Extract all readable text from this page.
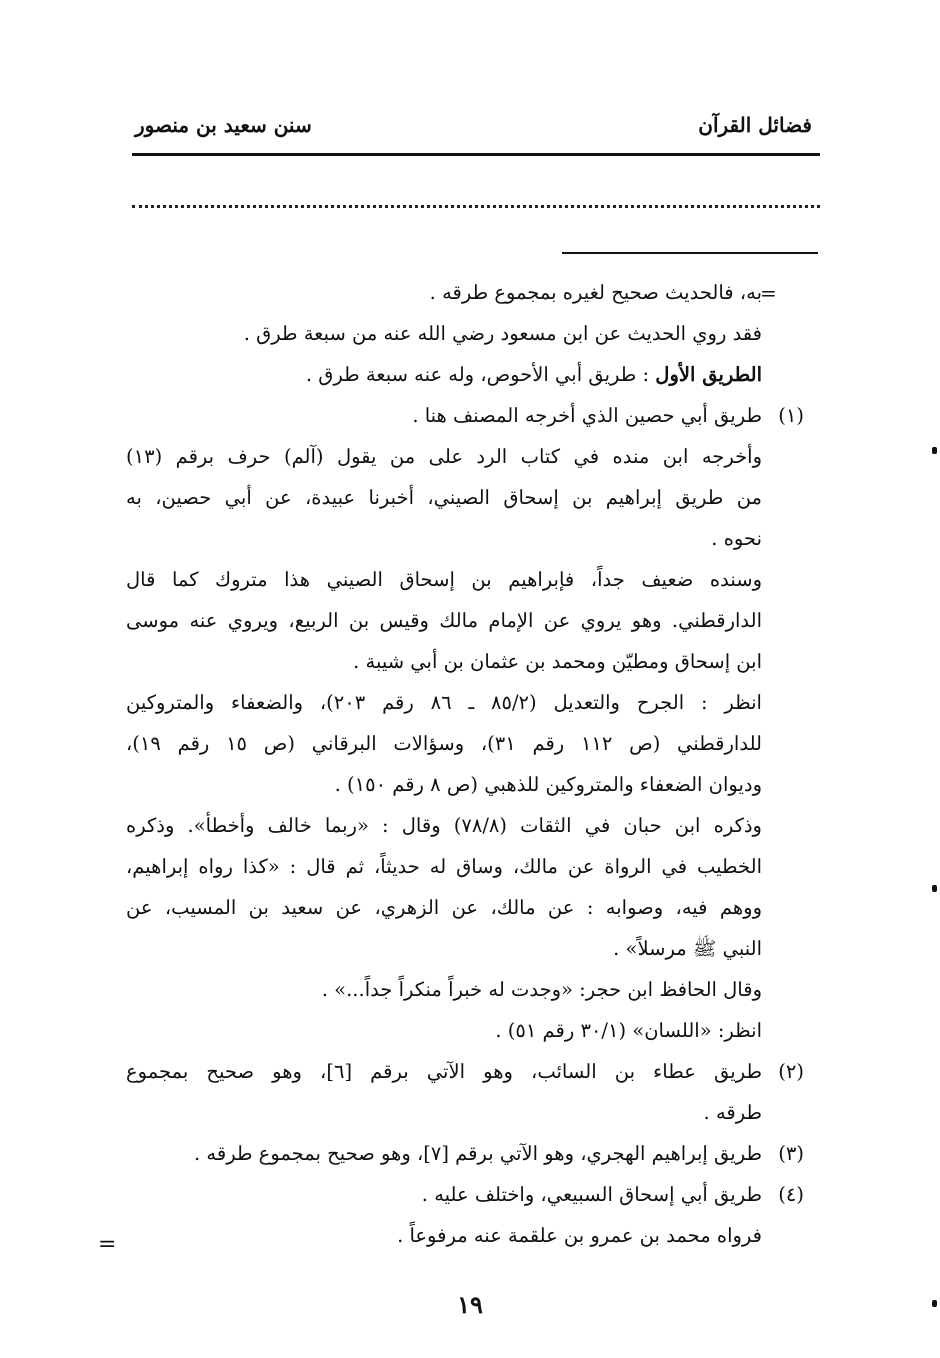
فضائل القرآن
سنن سعيد بن منصور
=
به، فالحديث صحيح لغيره بمجموع طرقه .
فقد روي الحديث عن ابن مسعود رضي الله عنه من سبعة طرق .
الطريق الأول : طريق أبي الأحوص، وله عنه سبعة طرق .
(١)
طريق أبي حصين الذي أخرجه المصنف هنا .
وأخرجه ابن منده في كتاب الرد على من يقول (آلم) حرف برقم (١٣)
من طريق إبراهيم بن إسحاق الصيني، أخبرنا عبيدة، عن أبي حصين، به
نحوه .
وسنده ضعيف جداً، فإبراهيم بن إسحاق الصيني هذا متروك كما قال
الدارقطني. وهو يروي عن الإمام مالك وقيس بن الربيع، ويروي عنه موسى
ابن إسحاق ومطيّن ومحمد بن عثمان بن أبي شيبة .
انظر : الجرح والتعديل (٨٥/٢ ـ ٨٦ رقم ٢٠٣)، والضعفاء والمتروكين
للدارقطني (ص ١١٢ رقم ٣١)، وسؤالات البرقاني (ص ١٥ رقم ١٩)،
وديوان الضعفاء والمتروكين للذهبي (ص ٨ رقم ١٥٠) .
وذكره ابن حبان في الثقات (٧٨/٨) وقال : «ربما خالف وأخطأ». وذكره
الخطيب في الرواة عن مالك، وساق له حديثاً، ثم قال : «كذا رواه إبراهيم،
ووهم فيه، وصوابه : عن مالك، عن الزهري، عن سعيد بن المسيب، عن
النبي ﷺ مرسلاً» .
وقال الحافظ ابن حجر: «وجدت له خبراً منكراً جداً...» .
انظر: «اللسان» (٣٠/١ رقم ٥١) .
(٢)
طريق عطاء بن السائب، وهو الآتي برقم [٦]، وهو صحيح بمجموع
طرقه .
(٣)
طريق إبراهيم الهجري، وهو الآتي برقم [٧]، وهو صحيح بمجموع طرقه .
(٤)
طريق أبي إسحاق السبيعي، واختلف عليه .
فرواه محمد بن عمرو بن علقمة عنه مرفوعاً .
=
١٩
